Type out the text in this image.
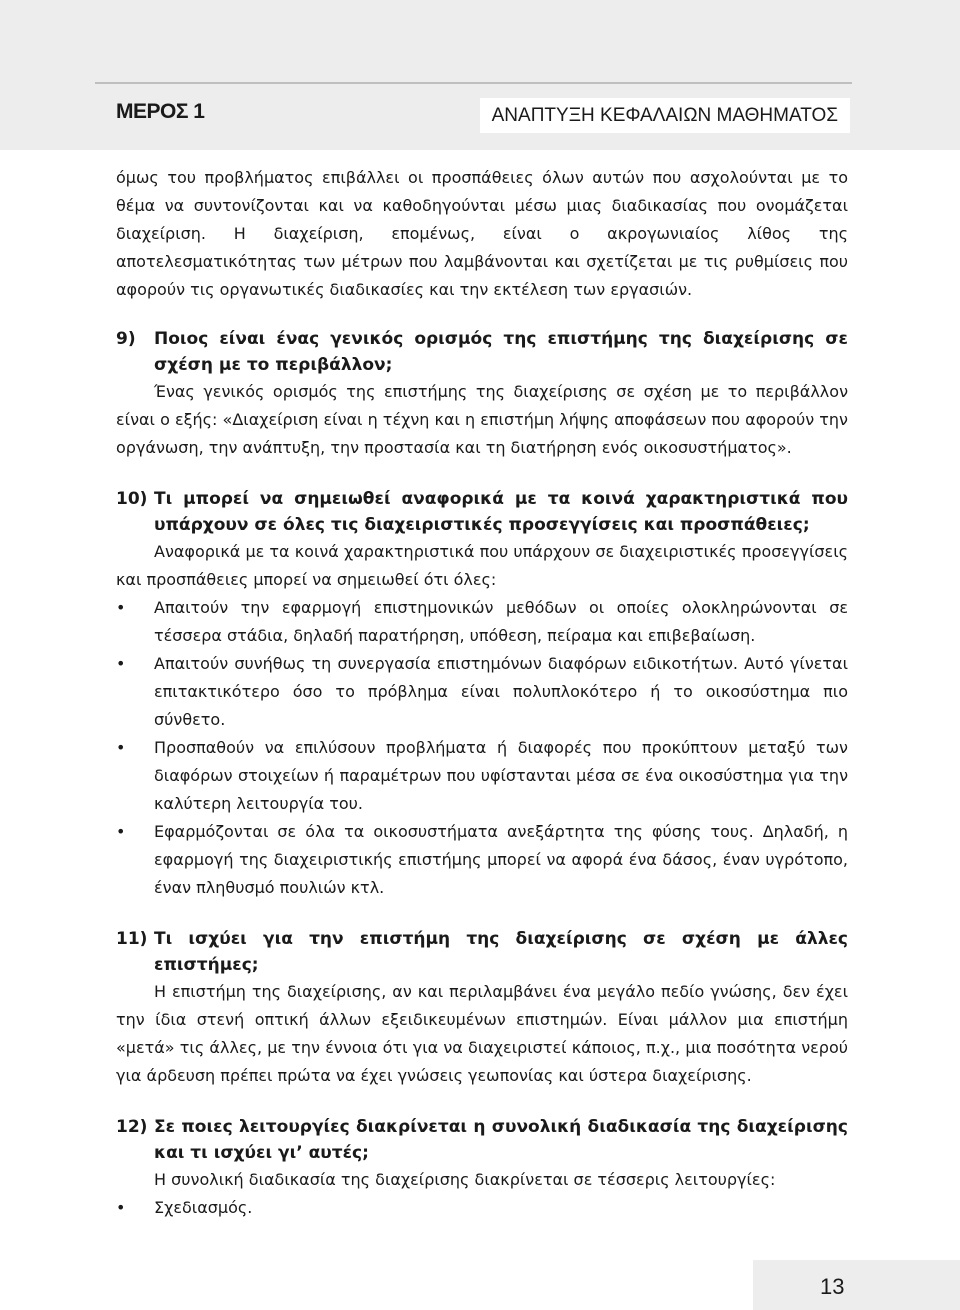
ΜΕΡΟΣ 1	ΑΝΑΠΤΥΞΗ ΚΕΦΑΛΑΙΩΝ ΜΑΘΗΜΑΤΟΣ

όμως του προβλήματος επιβάλλει οι προσπάθειες όλων αυτών που ασχολούνται με το θέμα να συντονίζονται και να καθοδηγούνται μέσω μιας διαδικασίας που ονομάζεται διαχείριση. Η διαχείριση, επομένως, είναι ο ακρογωνιαίος λίθος της αποτελεσματικότητας των μέτρων που λαμβάνονται και σχετίζεται με τις ρυθμίσεις που αφορούν τις οργανωτικές διαδικασίες και την εκτέλεση των εργασιών.

9)	Ποιος είναι ένας γενικός ορισμός της επιστήμης της διαχείρισης σε σχέση με το περιβάλλον;

Ένας γενικός ορισμός της επιστήμης της διαχείρισης σε σχέση με το περιβάλλον είναι ο εξής: «Διαχείριση είναι η τέχνη και η επιστήμη λήψης αποφάσεων που αφορούν την οργάνωση, την ανάπτυξη, την προστασία και τη διατήρηση ενός οικοσυστήματος».

10) Τι μπορεί να σημειωθεί αναφορικά με τα κοινά χαρακτηριστικά που υπάρχουν σε όλες τις διαχειριστικές προσεγγίσεις και προσπάθειες;

Αναφορικά με τα κοινά χαρακτηριστικά που υπάρχουν σε διαχειριστικές προσεγγίσεις και προσπάθειες μπορεί να σημειωθεί ότι όλες:

•	Απαιτούν την εφαρμογή επιστημονικών μεθόδων οι οποίες ολοκληρώνονται σε τέσσερα στάδια, δηλαδή παρατήρηση, υπόθεση, πείραμα και επιβεβαίωση.
•	Απαιτούν συνήθως τη συνεργασία επιστημόνων διαφόρων ειδικοτήτων. Αυτό γίνεται επιτακτικότερο όσο το πρόβλημα είναι πολυπλοκότερο ή το οικοσύστημα πιο σύνθετο.
•	Προσπαθούν να επιλύσουν προβλήματα ή διαφορές που προκύπτουν μεταξύ των διαφόρων στοιχείων ή παραμέτρων που υφίστανται μέσα σε ένα οικοσύστημα για την καλύτερη λειτουργία του.
•	Εφαρμόζονται σε όλα τα οικοσυστήματα ανεξάρτητα της φύσης τους. Δηλαδή, η εφαρμογή της διαχειριστικής επιστήμης μπορεί να αφορά ένα δάσος, έναν υγρότοπο, έναν πληθυσμό πουλιών κτλ.
11) Τι ισχύει για την επιστήμη της διαχείρισης σε σχέση με άλλες επιστήμες;

Η επιστήμη της διαχείρισης, αν και περιλαμβάνει ένα μεγάλο πεδίο γνώσης, δεν έχει την ίδια στενή οπτική άλλων εξειδικευμένων επιστημών. Είναι μάλλον μια επιστήμη «μετά» τις άλλες, με την έννοια ότι για να διαχειριστεί κάποιος, π.χ., μια ποσότητα νερού για άρδευση πρέπει πρώτα να έχει γνώσεις γεωπονίας και ύστερα διαχείρισης.

12) Σε ποιες λειτουργίες διακρίνεται η συνολική διαδικασία της διαχείρισης και τι ισχύει γι’ αυτές;

Η συνολική διαδικασία της διαχείρισης διακρίνεται σε τέσσερις λειτουργίες:

•	Σχεδιασμός.
13
